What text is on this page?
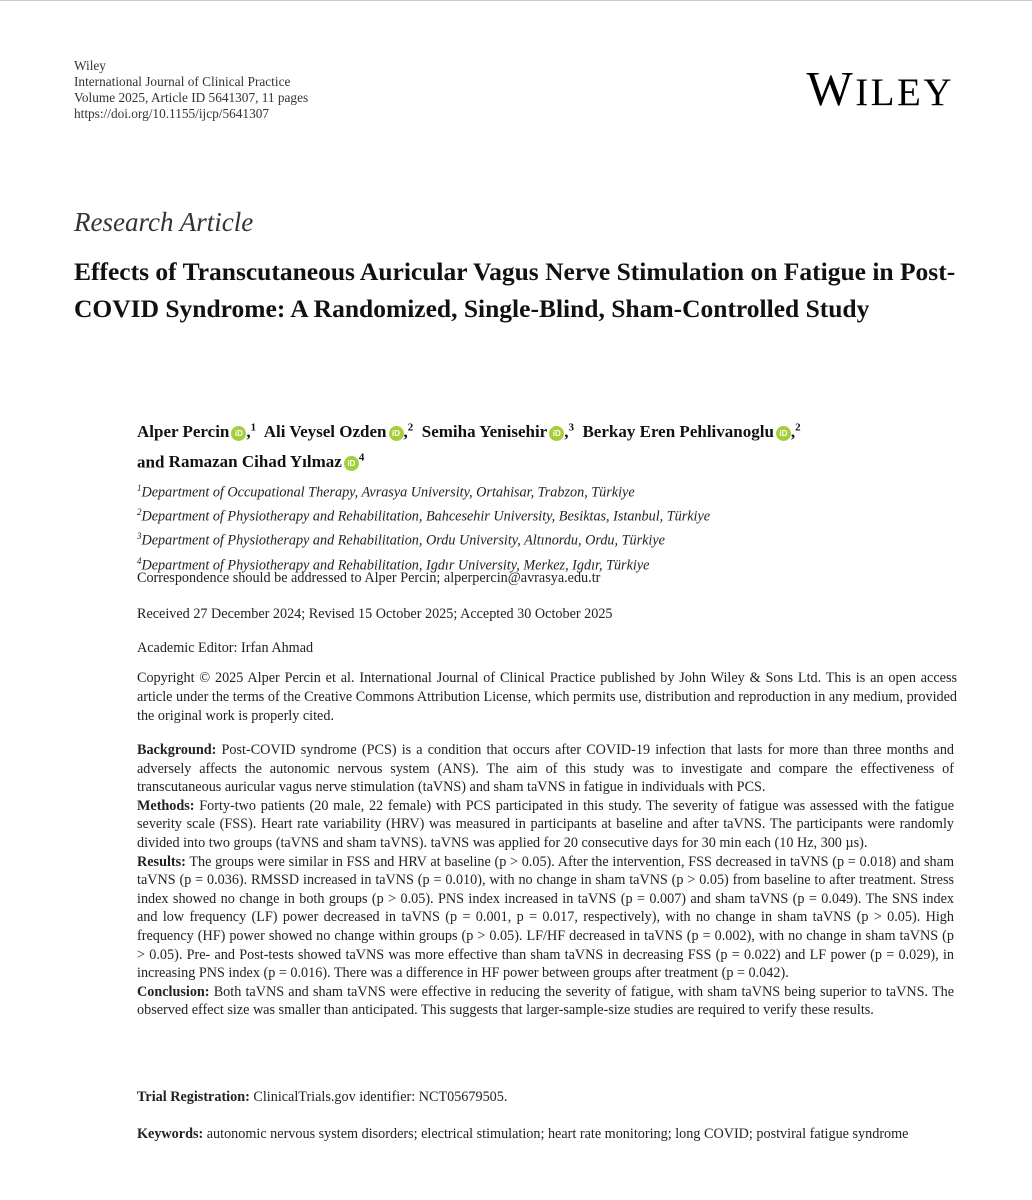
Wiley
International Journal of Clinical Practice
Volume 2025, Article ID 5641307, 11 pages
https://doi.org/10.1155/ijcp/5641307	WILEY
Research Article
Effects of Transcutaneous Auricular Vagus Nerve Stimulation on Fatigue in Post-COVID Syndrome: A Randomized, Single-Blind, Sham-Controlled Study
Alper Percin iD ,$^1$ Ali Veysel Ozden iD ,$^2$ Semiha Yenisehir iD ,$^3$ Berkay Eren Pehlivanoglu iD ,$^2$
and Ramazan Cihad Yılmaz $iD^4$
$^1$Department of Occupational Therapy, Avrasya University, Ortahisar, Trabzon, Türkiye
$^2$Department of Physiotherapy and Rehabilitation, Bahcesehir University, Besiktas, Istanbul, Türkiye
$^3$Department of Physiotherapy and Rehabilitation, Ordu University, Altınordu, Ordu, Türkiye
$^4$Department of Physiotherapy and Rehabilitation, Igdır University, Merkez, Igdır, Türkiye
Correspondence should be addressed to Alper Percin; alperpercin@avrasya.edu.tr
Received 27 December 2024; Revised 15 October 2025; Accepted 30 October 2025
Academic Editor: Irfan Ahmad
Copyright © 2025 Alper Percin et al. International Journal of Clinical Practice published by John Wiley & Sons Ltd. This is an open access article under the terms of the Creative Commons Attribution License, which permits use, distribution and reproduction in any medium, provided the original work is properly cited.

Background: Post-COVID syndrome (PCS) is a condition that occurs after COVID-19 infection that lasts for more than three months and adversely affects the autonomic nervous system (ANS). The aim of this study was to investigate and compare the effectiveness of transcutaneous auricular vagus nerve stimulation (taVNS) and sham taVNS in fatigue in individuals with PCS.

Methods: Forty-two patients (20 male, 22 female) with PCS participated in this study. The severity of fatigue was assessed with the fatigue severity scale (FSS). Heart rate variability (HRV) was measured in participants at baseline and after taVNS. The participants were randomly divided into two groups (taVNS and sham taVNS). taVNS was applied for 20 consecutive days for 30 min each (10 Hz, 300 µs).

Results: The groups were similar in FSS and HRV at baseline (p > 0.05). After the intervention, FSS decreased in taVNS (p = 0.018) and sham taVNS (p = 0.036). RMSSD increased in taVNS (p = 0.010), with no change in sham taVNS (p > 0.05) from baseline to after treatment. Stress index showed no change in both groups (p > 0.05). PNS index increased in taVNS (p = 0.007) and sham taVNS (p = 0.049). The SNS index and low frequency (LF) power decreased in taVNS (p = 0.001, p = 0.017, respectively), with no change in sham taVNS (p > 0.05). High frequency (HF) power showed no change within groups (p > 0.05). LF/HF decreased in taVNS (p = 0.002), with no change in sham taVNS (p > 0.05). Pre- and Post-tests showed taVNS was more effective than sham taVNS in decreasing FSS (p = 0.022) and LF power (p = 0.029), in increasing PNS index (p = 0.016). There was a difference in HF power between groups after treatment (p = 0.042).

Conclusion: Both taVNS and sham taVNS were effective in reducing the severity of fatigue, with sham taVNS being superior to taVNS. The observed effect size was smaller than anticipated. This suggests that larger-sample-size studies are required to verify these results.

Trial Registration: ClinicalTrials.gov identifier: NCT05679505.
Keywords: autonomic nervous system disorders; electrical stimulation; heart rate monitoring; long COVID; postviral fatigue syndrome
